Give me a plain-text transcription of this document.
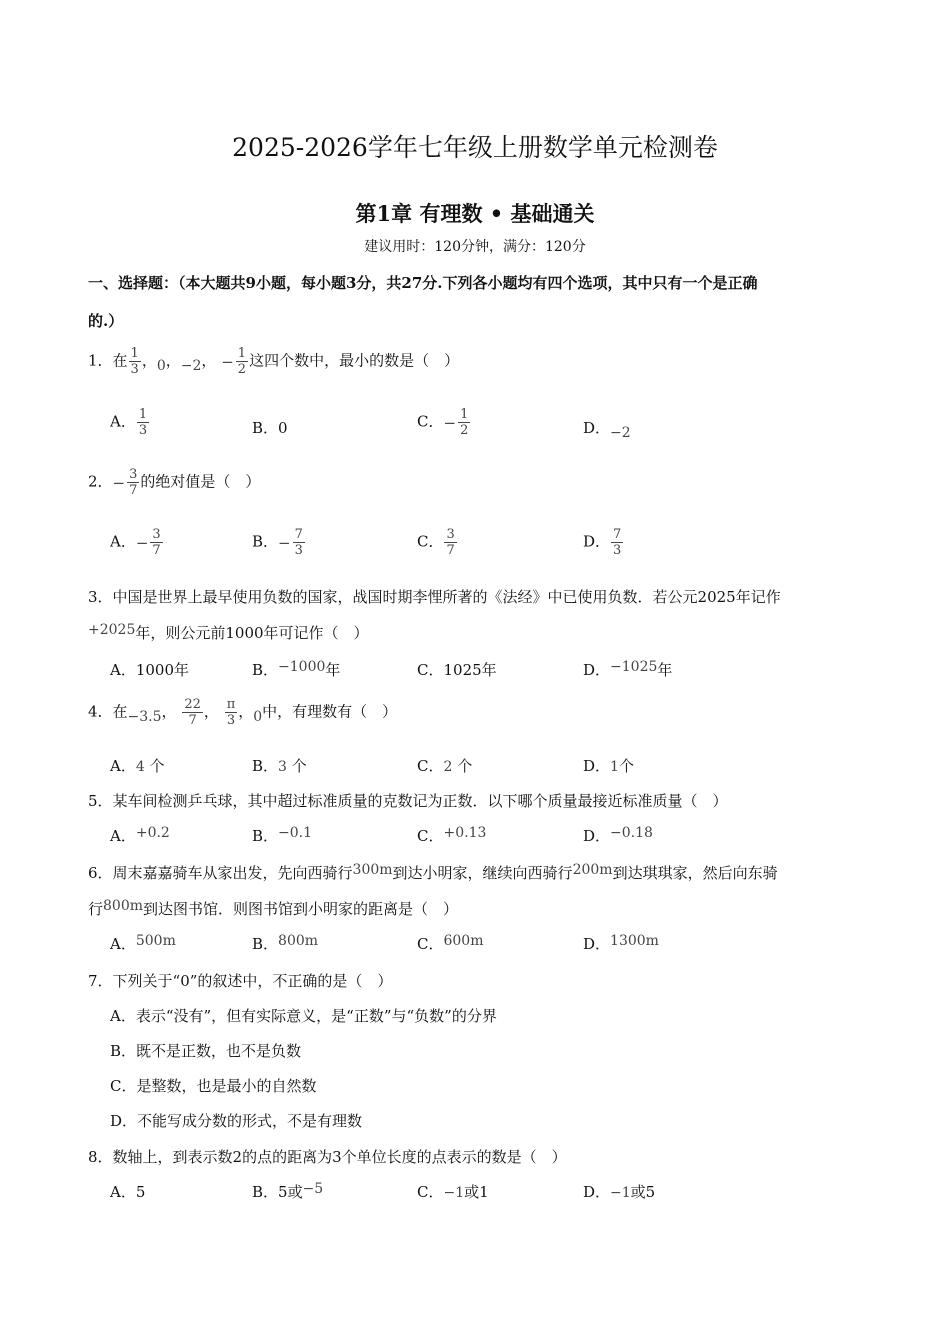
2025-2026学年七年级上册数学单元检测卷
第1章 有理数 • 基础通关
建议用时：120分钟，满分：120分
一、选择题：（本大题共9小题，每小题3分，共27分.下列各小题均有四个选项，其中只有一个是正确
的.）
1．在 $\frac{1}{3}$ ，0，−2， − $\frac{1}{2}$ 这四个数中，最小的数是（　）
A． $\frac{1}{3}$	B．0	C．− $\frac{1}{2}$	D．−2
2．− $\frac{3}{7}$ 的绝对值是（　）
A．− $\frac{3}{7}$	B．− $\frac{7}{3}$	C． $\frac{3}{7}$	D． $\frac{7}{3}$
3．中国是世界上最早使用负数的国家，战国时期李悝所著的《法经》中已使用负数．若公元2025年记作
+2025年，则公元前1000年可记作（　）
A．1000年	B．−1000年	C．1025年	D．−1025年
4．在−3.5， $\frac{22}{7}$ ， $\frac{\pi}{3}$ ，0中，有理数有（　）
A．4 个	B．3 个	C．2 个	D．1个
5．某车间检测乒乓球，其中超过标准质量的克数记为正数．以下哪个质量最接近标准质量（　）
A．+0.2	B．−0.1	C．+0.13	D．−0.18
6．周末嘉嘉骑车从家出发，先向西骑行300m到达小明家，继续向西骑行200m到达琪琪家，然后向东骑
行800m到达图书馆．则图书馆到小明家的距离是（　）
A．500m	B．800m	C．600m	D．1300m
7．下列关于“0”的叙述中，不正确的是（　）
A．表示“没有”，但有实际意义，是“正数”与“负数”的分界
B．既不是正数，也不是负数
C．是整数，也是最小的自然数
D．不能写成分数的形式，不是有理数
8．数轴上，到表示数2的点的距离为3个单位长度的点表示的数是（　）
A．5	B．5或−5	C．−1或1	D．−1或5
